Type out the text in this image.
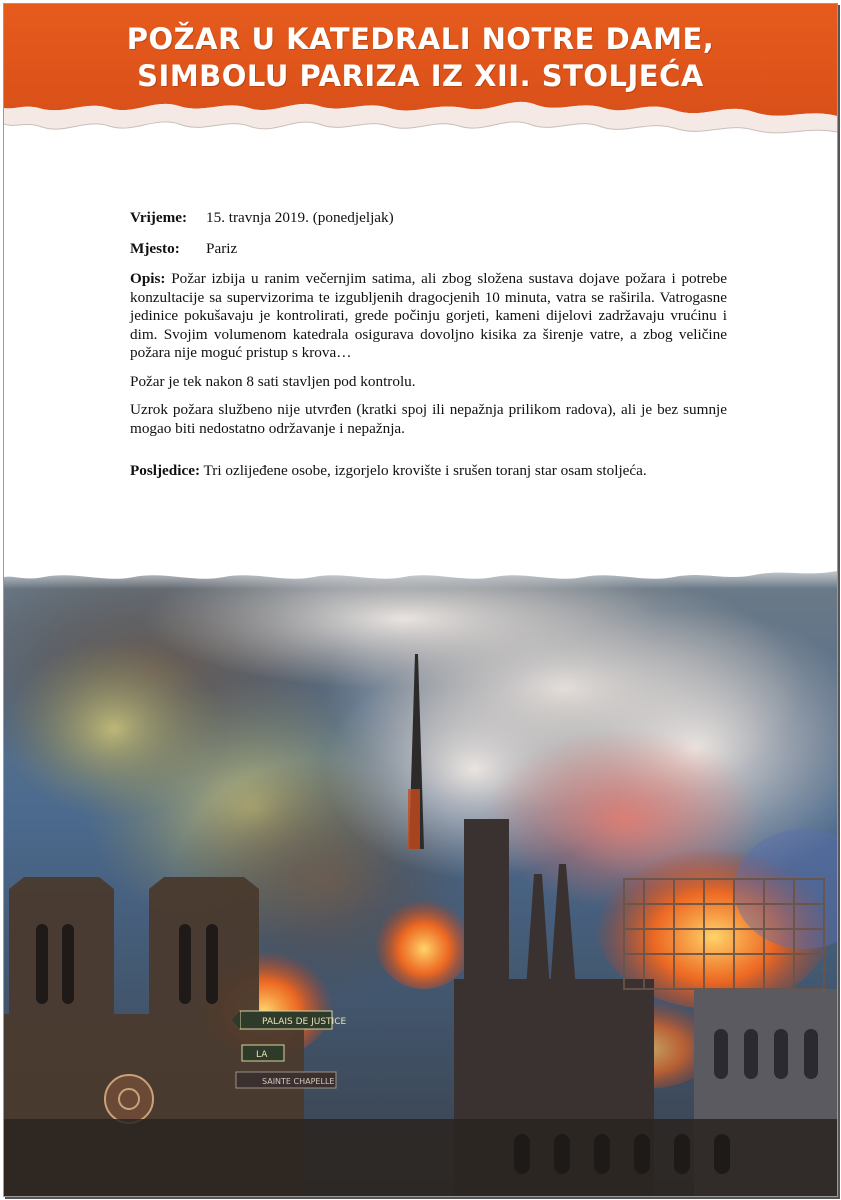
POŽAR U KATEDRALI NOTRE DAME,
SIMBOLU PARIZA IZ XII. STOLJEĆA
Vrijeme:	15. travnja 2019. (ponedjeljak)
Mjesto:	Pariz

Opis: Požar izbija u ranim večernjim satima, ali zbog složena sustava dojave požara i potrebe konzultacije sa supervizorima te izgubljenih dragocjenih 10 minuta, vatra se raširila. Vatrogasne jedinice pokušavaju je kontrolirati, grede počinju gorjeti, kameni dijelovi zadržavaju vrućinu i dim. Svojim volumenom katedrala osigurava dovoljno kisika za širenje vatre, a zbog veličine požara nije moguć pristup s krova…

Požar je tek nakon 8 sati stavljen pod kontrolu.

Uzrok požara službeno nije utvrđen (kratki spoj ili nepažnja prilikom radova), ali je bez sumnje mogao biti nedostatno održavanje i nepažnja.

Posljedice: Tri ozlijeđene osobe, izgorjelo krovište i srušen toranj star osam stoljeća.

PALAIS DE JUSTICE
LA
SAINTE CHAPELLE
